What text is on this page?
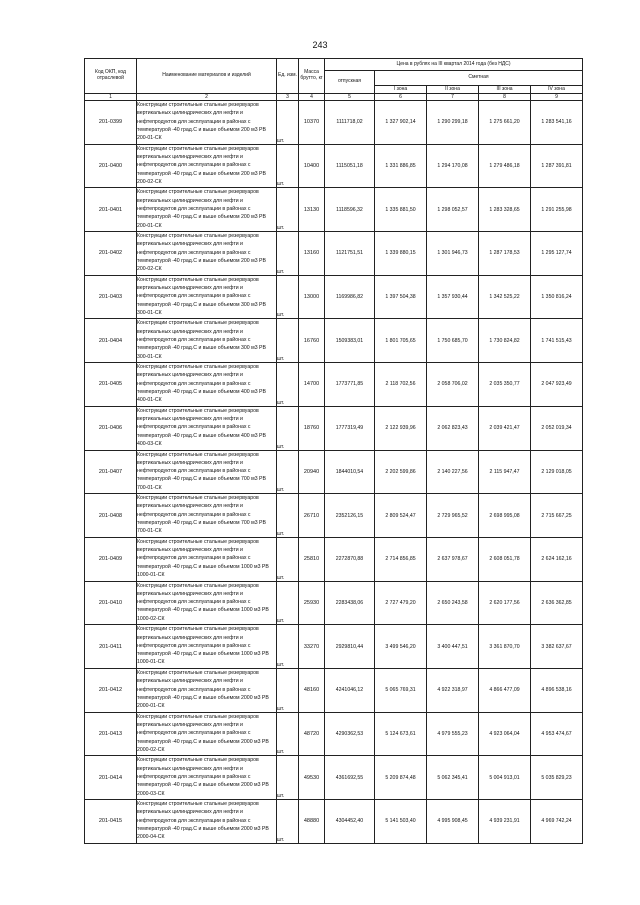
243
Код ОКП, код отраслевой	Наименование материалов и изделий	Ед. изм.	Масса брутто, кг	Цена в рублях на III квартал 2014 года (без НДС)				
				отпускная	Сметная			
					I зона	II зона	III зона	IV зона
1	2	3	4	5	6	7	8	9
201-0399	Конструкции строительные стальные резервуаров вертикальных цилиндрических для нефти и нефтепродуктов для эксплуатации в районах с температурой -40 град.С и выше объемом 200 м3 РВ 200-01-СК	шт.	10370	1111718,02	1 327 902,14	1 290 299,18	1 275 661,20	1 283 541,16
201-0400	Конструкции строительные стальные резервуаров вертикальных цилиндрических для нефти и нефтепродуктов для эксплуатации в районах с температурой -40 град.С и выше объемом 200 м3 РВ 200-02-СК	шт.	10400	1115051,18	1 331 886,85	1 294 170,08	1 279 486,18	1 287 391,81
201-0401	Конструкции строительные стальные резервуаров вертикальных цилиндрических для нефти и нефтепродуктов для эксплуатации в районах с температурой -40 град.С и выше объемом 200 м3 РВ 200-01-СК	шт.	13130	1118596,32	1 335 881,50	1 298 052,57	1 283 328,65	1 291 255,98
201-0402	Конструкции строительные стальные резервуаров вертикальных цилиндрических для нефти и нефтепродуктов для эксплуатации в районах с температурой -40 град.С и выше объемом 200 м3 РВ 200-02-СК	шт.	13160	1121751,51	1 339 880,15	1 301 946,73	1 287 178,53	1 295 127,74
201-0403	Конструкции строительные стальные резервуаров вертикальных цилиндрических для нефти и нефтепродуктов для эксплуатации в районах с температурой -40 град.С и выше объемом 300 м3 РВ 300-01-СК	шт.	13000	1169986,82	1 397 504,38	1 357 930,44	1 342 525,22	1 350 816,24
201-0404	Конструкции строительные стальные резервуаров вертикальных цилиндрических для нефти и нефтепродуктов для эксплуатации в районах с температурой -40 град.С и выше объемом 300 м3 РВ 300-01-СК	шт.	16760	1509383,01	1 801 705,65	1 750 685,70	1 730 824,82	1 741 515,43
201-0405	Конструкции строительные стальные резервуаров вертикальных цилиндрических для нефти и нефтепродуктов для эксплуатации в районах с температурой -40 град.С и выше объемом 400 м3 РВ 400-01-СК	шт.	14700	1773771,85	2 118 702,56	2 058 706,02	2 035 350,77	2 047 923,49
201-0406	Конструкции строительные стальные резервуаров вертикальных цилиндрических для нефти и нефтепродуктов для эксплуатации в районах с температурой -40 град.С и выше объемом 400 м3 РВ 400-03-СК	шт.	18760	1777319,49	2 122 939,96	2 062 823,43	2 039 421,47	2 052 019,34
201-0407	Конструкции строительные стальные резервуаров вертикальных цилиндрических для нефти и нефтепродуктов для эксплуатации в районах с температурой -40 град.С и выше объемом 700 м3 РВ 700-01-СК	шт.	20940	1844010,54	2 202 599,86	2 140 227,56	2 115 947,47	2 129 018,05
201-0408	Конструкции строительные стальные резервуаров вертикальных цилиндрических для нефти и нефтепродуктов для эксплуатации в районах с температурой -40 град.С и выше объемом 700 м3 РВ 700-01-СК	шт.	26710	2352126,15	2 809 524,47	2 729 965,52	2 698 995,08	2 715 667,25
201-0409	Конструкции строительные стальные резервуаров вертикальных цилиндрических для нефти и нефтепродуктов для эксплуатации в районах с температурой -40 град.С и выше объемом 1000 м3 РВ 1000-01-СК	шт.	25810	2272870,88	2 714 856,85	2 637 978,67	2 608 051,78	2 624 162,16
201-0410	Конструкции строительные стальные резервуаров вертикальных цилиндрических для нефти и нефтепродуктов для эксплуатации в районах с температурой -40 град.С и выше объемом 1000 м3 РВ 1000-02-СК	шт.	25930	2283438,06	2 727 479,20	2 650 243,58	2 620 177,56	2 636 362,85
201-0411	Конструкции строительные стальные резервуаров вертикальных цилиндрических для нефти и нефтепродуктов для эксплуатации в районах с температурой -40 град.С и выше объемом 1000 м3 РВ 1000-01-СК	шт.	33270	2929810,44	3 499 546,20	3 400 447,51	3 361 870,70	3 382 637,67
201-0412	Конструкции строительные стальные резервуаров вертикальных цилиндрических для нефти и нефтепродуктов для эксплуатации в районах с температурой -40 град.С и выше объемом 2000 м3 РВ 2000-01-СК	шт.	48160	4241046,12	5 065 769,31	4 922 318,97	4 866 477,09	4 896 538,16
201-0413	Конструкции строительные стальные резервуаров вертикальных цилиндрических для нефти и нефтепродуктов для эксплуатации в районах с температурой -40 град.С и выше объемом 2000 м3 РВ 2000-02-СК	шт.	48720	4290362,53	5 124 673,61	4 979 555,23	4 923 064,04	4 953 474,67
201-0414	Конструкции строительные стальные резервуаров вертикальных цилиндрических для нефти и нефтепродуктов для эксплуатации в районах с температурой -40 град.С и выше объемом 2000 м3 РВ 2000-03-СК	шт.	49530	4361692,55	5 209 874,48	5 062 345,41	5 004 913,01	5 035 829,23
201-0415	Конструкции строительные стальные резервуаров вертикальных цилиндрических для нефти и нефтепродуктов для эксплуатации в районах с температурой -40 град.С и выше объемом 2000 м3 РВ 2000-04-СК	шт.	48880	4304452,40	5 141 503,40	4 995 908,45	4 939 231,91	4 969 742,24
